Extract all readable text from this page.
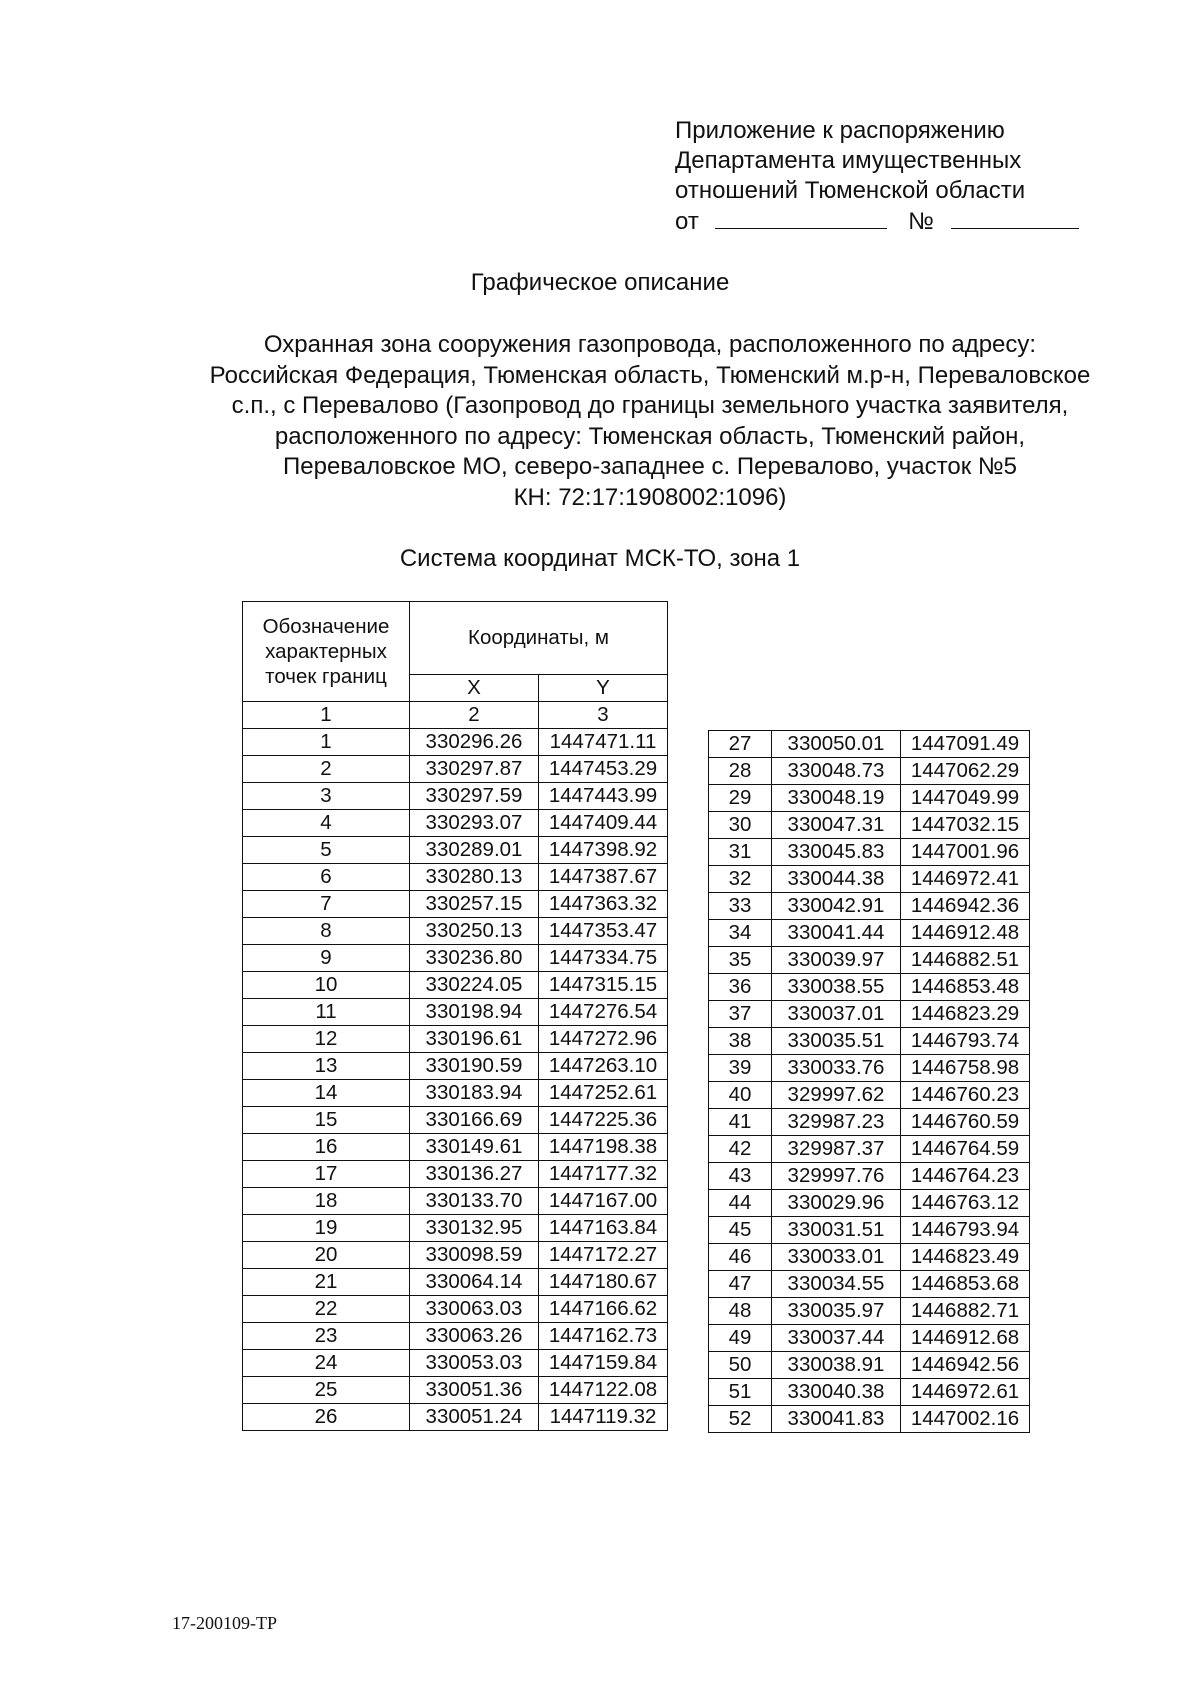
Приложение к распоряжению
Департамента имущественных
отношений Тюменской области
от	№
Графическое описание
Охранная зона сооружения газопровода, расположенного по адресу:
Российская Федерация, Тюменская область, Тюменский м.р-н, Переваловское
с.п., с Перевалово (Газопровод до границы земельного участка заявителя,
расположенного по адресу: Тюменская область, Тюменский район,
Переваловское МО, северо-западнее с. Перевалово, участок №5
КН: 72:17:1908002:1096)
Система координат МСК-ТО, зона 1
Обозначение
характерных
точек границ	Координаты, м	
	X	Y
1	2	3
1	330296.26	1447471.11
2	330297.87	1447453.29
3	330297.59	1447443.99
4	330293.07	1447409.44
5	330289.01	1447398.92
6	330280.13	1447387.67
7	330257.15	1447363.32
8	330250.13	1447353.47
9	330236.80	1447334.75
10	330224.05	1447315.15
11	330198.94	1447276.54
12	330196.61	1447272.96
13	330190.59	1447263.10
14	330183.94	1447252.61
15	330166.69	1447225.36
16	330149.61	1447198.38
17	330136.27	1447177.32
18	330133.70	1447167.00
19	330132.95	1447163.84
20	330098.59	1447172.27
21	330064.14	1447180.67
22	330063.03	1447166.62
23	330063.26	1447162.73
24	330053.03	1447159.84
25	330051.36	1447122.08
26	330051.24	1447119.32
27	330050.01	1447091.49
28	330048.73	1447062.29
29	330048.19	1447049.99
30	330047.31	1447032.15
31	330045.83	1447001.96
32	330044.38	1446972.41
33	330042.91	1446942.36
34	330041.44	1446912.48
35	330039.97	1446882.51
36	330038.55	1446853.48
37	330037.01	1446823.29
38	330035.51	1446793.74
39	330033.76	1446758.98
40	329997.62	1446760.23
41	329987.23	1446760.59
42	329987.37	1446764.59
43	329997.76	1446764.23
44	330029.96	1446763.12
45	330031.51	1446793.94
46	330033.01	1446823.49
47	330034.55	1446853.68
48	330035.97	1446882.71
49	330037.44	1446912.68
50	330038.91	1446942.56
51	330040.38	1446972.61
52	330041.83	1447002.16
17-200109-ТР
